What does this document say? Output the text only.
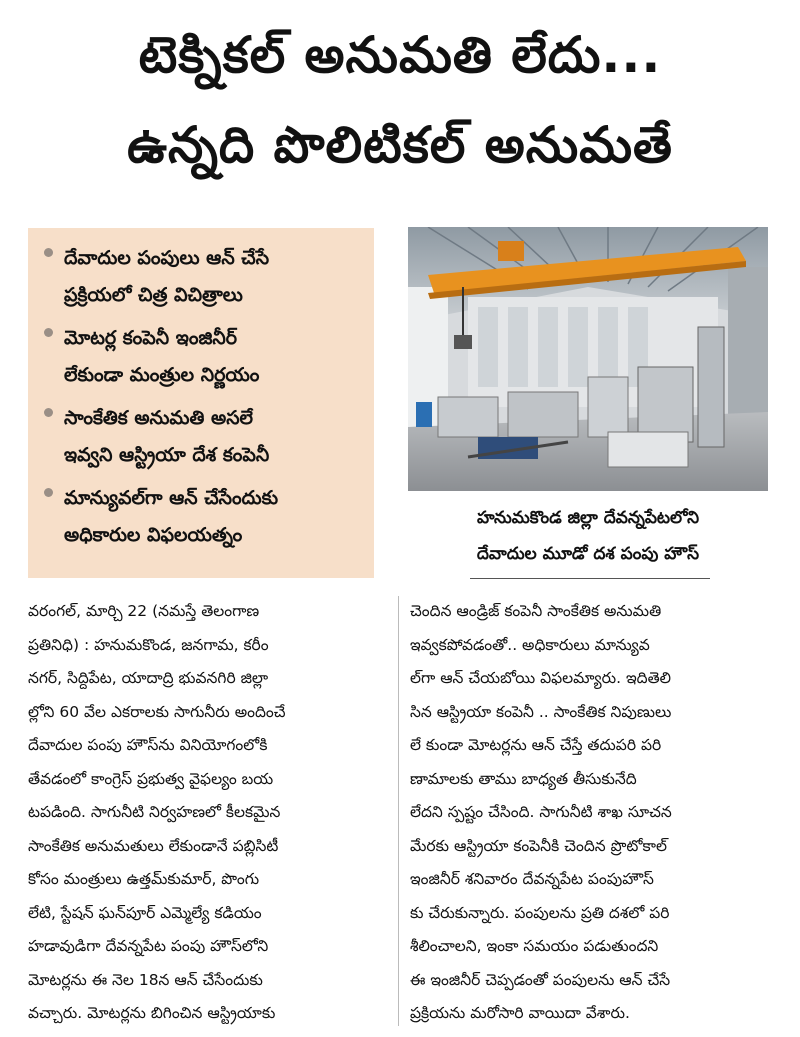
టెక్నికల్ అనుమతి లేదు...
ఉన్నది పొలిటికల్ అనుమతే
దేవాదుల పంపులు ఆన్ చేసే
ప్రక్రియలో చిత్ర విచిత్రాలు
మోటర్ల కంపెనీ ఇంజినీర్
లేకుండా మంత్రుల నిర్ణయం
సాంకేతిక అనుమతి అసలే
ఇవ్వని ఆస్ట్రియా దేశ కంపెనీ
మాన్యువల్‌గా ఆన్ చేసేందుకు
అధికారుల విఫలయత్నం
హనుమకొండ జిల్లా దేవన్నపేటలోని
దేవాదుల మూడో దశ పంపు హౌస్

వరంగల్, మార్చి 22 (నమస్తే తెలంగాణ

ప్రతినిధి) : హనుమకొండ, జనగామ, కరీం

నగర్, సిద్దిపేట, యాదాద్రి భువనగిరి జిల్లా

ల్లోని 60 వేల ఎకరాలకు సాగునీరు అందించే

దేవాదుల పంపు హౌస్‌ను వినియోగంలోకి

తేవడంలో కాంగ్రెస్ ప్రభుత్వ వైఫల్యం బయ

టపడింది. సాగునీటి నిర్వహణలో కీలకమైన

సాంకేతిక అనుమతులు లేకుండానే పబ్లిసిటీ

కోసం మంత్రులు ఉత్తమ్‌కుమార్, పొంగు

లేటి, స్టేషన్ ఘన్‌పూర్ ఎమ్మెల్యే కడియం

హడావుడిగా దేవన్నపేట పంపు హౌస్‌లోని

మోటర్లను ఈ నెల 18న ఆన్ చేసేందుకు

వచ్చారు. మోటర్లను బిగించిన ఆస్ట్రియాకు

చెందిన ఆండ్రిజ్ కంపెనీ సాంకేతిక అనుమతి

ఇవ్వకపోవడంతో.. అధికారులు మాన్యువ

ల్‌గా ఆన్ చేయబోయి విఫలమ్యారు. ఇదితెలి

సిన ఆస్ట్రియా కంపెనీ .. సాంకేతిక నిపుణులు

లే కుండా మోటర్లను ఆన్ చేస్తే తదుపరి పరి

ణామాలకు తాము బాధ్యత తీసుకునేది

లేదని స్పష్టం చేసింది. సాగునీటి శాఖ సూచన

మేరకు ఆస్ట్రియా కంపెనీకి చెందిన ప్రొటోకాల్

ఇంజినీర్ శనివారం దేవన్నపేట పంపుహౌస్

కు చేరుకున్నారు. పంపులను ప్రతి దశలో పరి

శీలించాలని, ఇంకా సమయం పడుతుందని

ఈ ఇంజినీర్ చెప్పడంతో పంపులను ఆన్ చేసే

ప్రక్రియను మరోసారి వాయిదా వేశారు.
